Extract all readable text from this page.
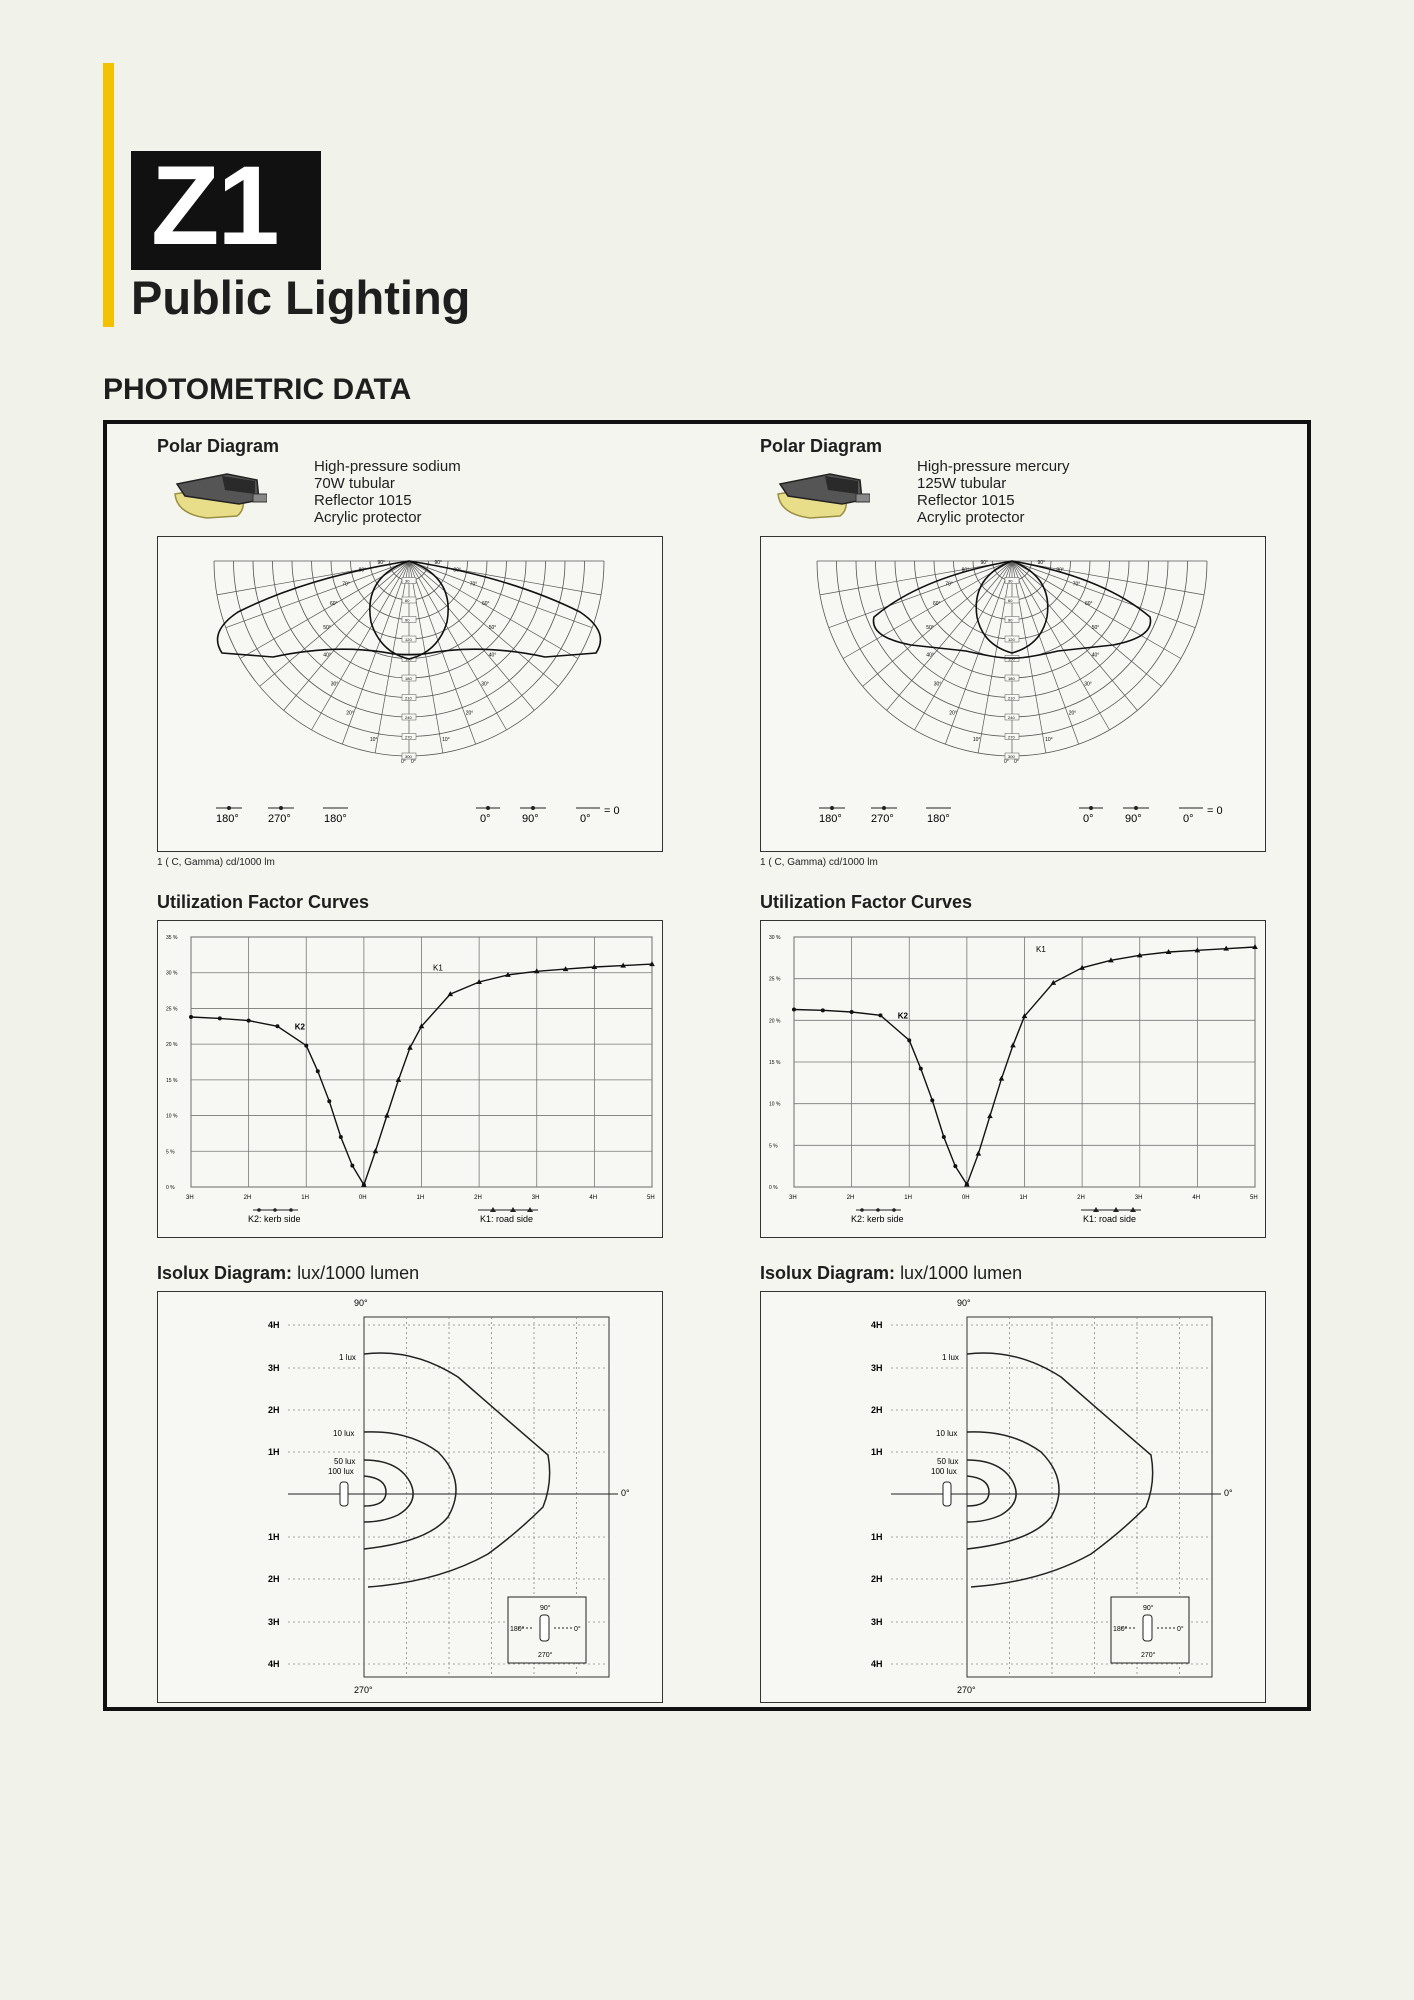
Z1
Public Lighting
PHOTOMETRIC DATA
Polar Diagram
High-pressure sodium
70W tubular
Reflector 1015
Acrylic protector
90°	90°
30
80°	80°
60
70°	70°
90
60°	60°
120
50°	50°
150
40°	40°
180
30°	30°
210
20°	20°
240
10°	10°
270
0° 0°
300
180°	270°	180°	0°	90°	0°
= 0
1 ( C, Gamma) cd/1000 lm
Utilization Factor Curves
3H	2H	1H	0H	1H	2H	3H	4H	5H
0 %
5 %
10 %
15 %
20 %
25 %
30 %
35 %
K2
K1
K2: kerb side	K1: road side
Isolux Diagram: lux/1000 lumen
4H
3H
2H
1H
1H
2H
3H
4H
90°
270°
0°
1 lux
10 lux
50 lux
100 lux
90°
180°	0°
270°
Polar Diagram
High-pressure mercury
125W tubular
Reflector 1015
Acrylic protector
90°	90°
30
80°	80°
60
70°	70°
90
60°	60°
120
50°	50°
150
40°	40°
180
30°	30°
210
20°	20°
240
10°	10°
270
0° 0°
300
180°	270°	180°	0°	90°	0°
= 0
1 ( C, Gamma) cd/1000 lm
Utilization Factor Curves
3H	2H	1H	0H	1H	2H	3H	4H	5H
0 %
5 %
10 %
15 %
20 %
25 %
30 %
K2
K1
K2: kerb side	K1: road side
Isolux Diagram: lux/1000 lumen
4H
3H
2H
1H
1H
2H
3H
4H
90°
270°
0°
1 lux
10 lux
50 lux
100 lux
90°
180°	0°
270°
